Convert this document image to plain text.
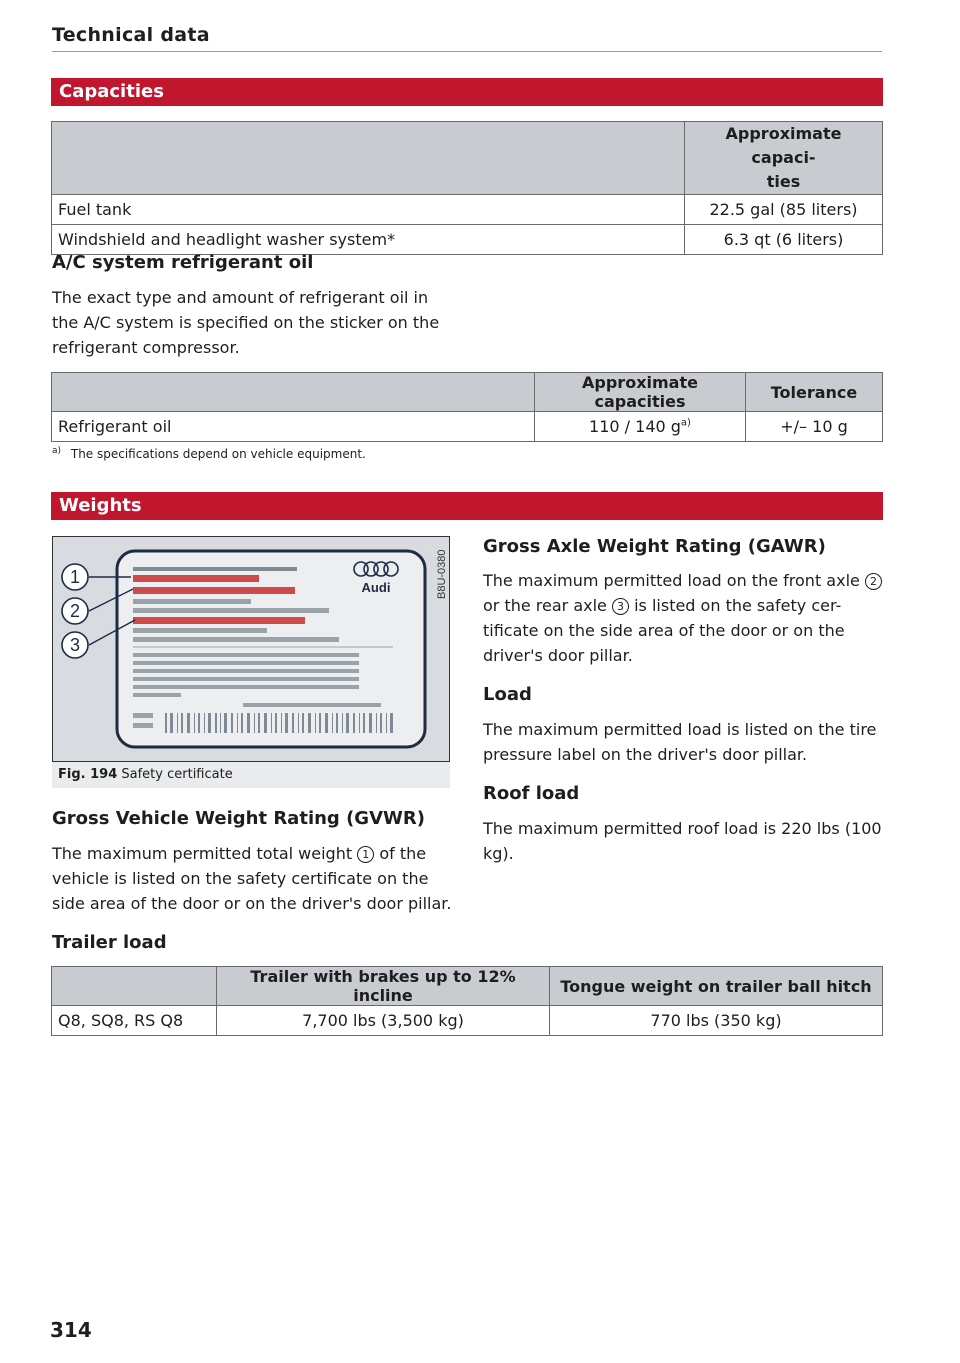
Technical data
Capacities
	Approximate capaci-
ties
Fuel tank	22.5 gal (85 liters)
Windshield and headlight washer system*	6.3 qt (6 liters)
A/C system refrigerant oil
The exact type and amount of refrigerant oil in the A/C system is specified on the sticker on the refrigerant compressor.
	Approximate capacities	Tolerance
Refrigerant oil	110 / 140 $g^{a)}$	+/– 10 g
$^{a)}$ The specifications depend on vehicle equipment.
Weights
Audi
1
2
3
B8U-0380
Fig. 194 Safety certificate
Gross Vehicle Weight Rating (GVWR)
The maximum permitted total weight 1 of the vehicle is listed on the safety certificate on the side area of the door or on the driver's door pillar.
Gross Axle Weight Rating (GAWR)
The maximum permitted load on the front axle 2 or the rear axle 3 is listed on the safety cer- tificate on the side area of the door or on the driver's door pillar.
Load
The maximum permitted load is listed on the tire pressure label on the driver's door pillar.
Roof load
The maximum permitted roof load is 220 lbs (100 kg).
Trailer load
	Trailer with brakes up to 12% incline	Tongue weight on trailer ball hitch
Q8, SQ8, RS Q8	7,700 lbs (3,500 kg)	770 lbs (350 kg)
314
